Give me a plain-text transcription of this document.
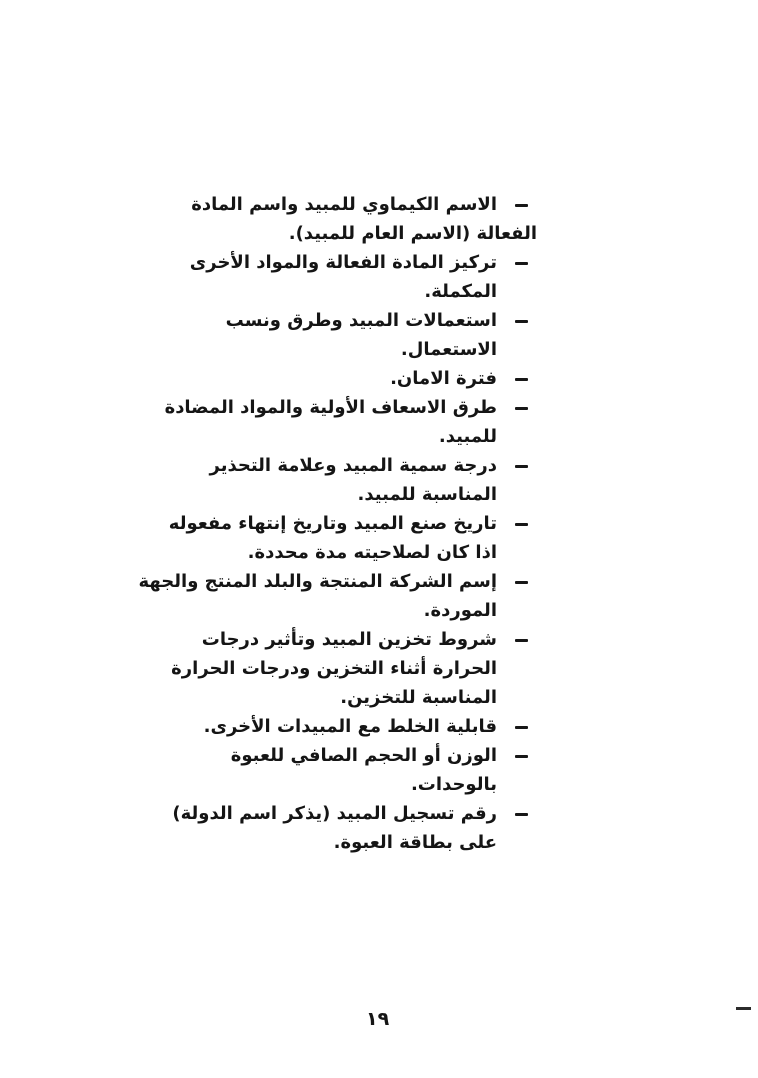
الاسم الكيماوي للمبيد واسم المادة
الفعالة (الاسم العام للمبيد).
تركيز المادة الفعالة والمواد الأخرى
المكملة.
استعمالات المبيد وطرق ونسب
الاستعمال.
فترة الامان.
طرق الاسعاف الأولية والمواد المضادة
للمبيد.
درجة سمية المبيد وعلامة التحذير
المناسبة للمبيد.
تاريخ صنع المبيد وتاريخ إنتهاء مفعوله
اذا كان لصلاحيته مدة محددة.
إسم الشركة المنتجة والبلد المنتج والجهة
الموردة.
شروط تخزين المبيد وتأثير درجات
الحرارة أثناء التخزين ودرجات الحرارة
المناسبة للتخزين.
قابلية الخلط مع المبيدات الأخرى.
الوزن أو الحجم الصافي للعبوة
بالوحدات.
رقم تسجيل المبيد (يذكر اسم الدولة)
على بطاقة العبوة.
١٩
